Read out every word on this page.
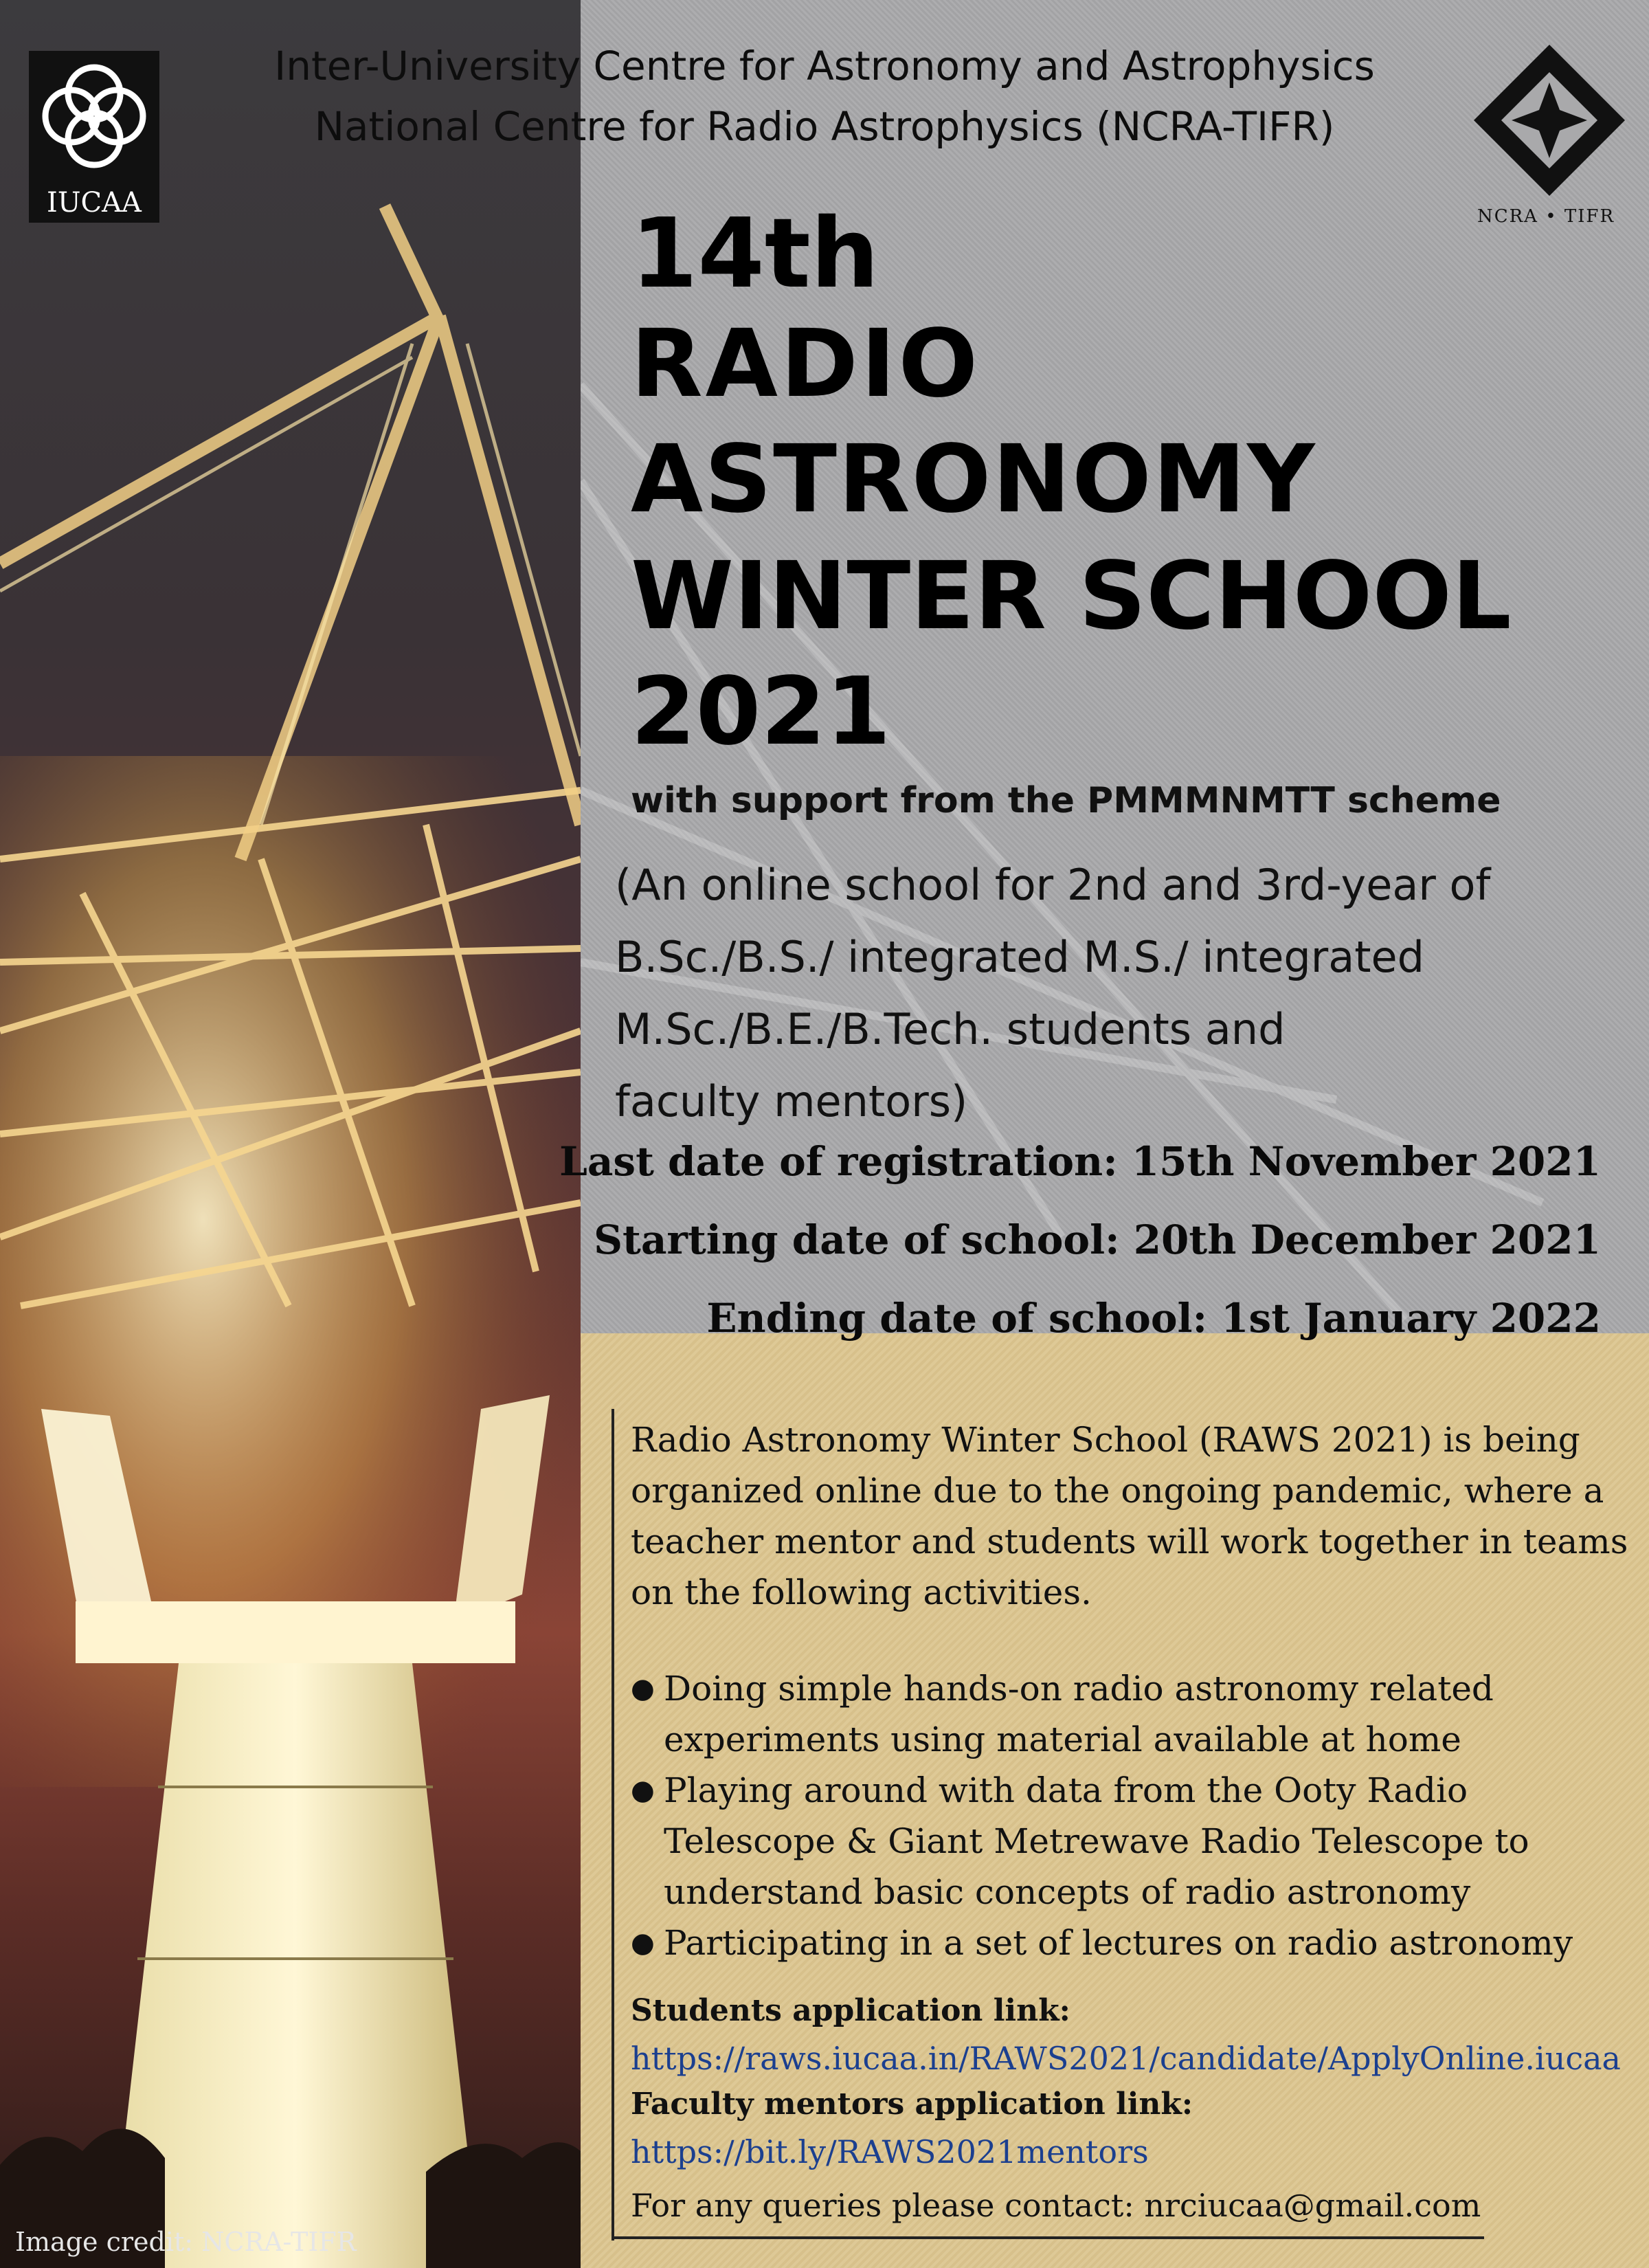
Inter-University Centre for Astronomy and Astrophysics
National Centre for Radio Astrophysics (NCRA-TIFR)
IUCAA	NCRA • TIFR
14th
RADIO
ASTRONOMY
WINTER SCHOOL
2021
with support from the PMMMNMTT scheme
(An online school for 2nd and 3rd-year of
B.Sc./B.S./ integrated M.S./ integrated
M.Sc./B.E./B.Tech. students and
faculty mentors)
Last date of registration: 15th November 2021
Starting date of school: 20th December 2021
Ending date of school: 1st January 2022
Radio Astronomy Winter School (RAWS 2021) is being organized online due to the ongoing pandemic, where a teacher mentor and students will work together in teams on the following activities.
● Doing simple hands-on radio astronomy related experiments using material available at home
● Playing around with data from the Ooty Radio Telescope & Giant Metrewave Radio Telescope to understand basic concepts of radio astronomy
● Participating in a set of lectures on radio astronomy
Students application link:
https://raws.iucaa.in/RAWS2021/candidate/ApplyOnline.iucaa
Faculty mentors application link:
https://bit.ly/RAWS2021mentors
For any queries please contact: nrciucaa@gmail.com
Image credit: NCRA-TIFR
